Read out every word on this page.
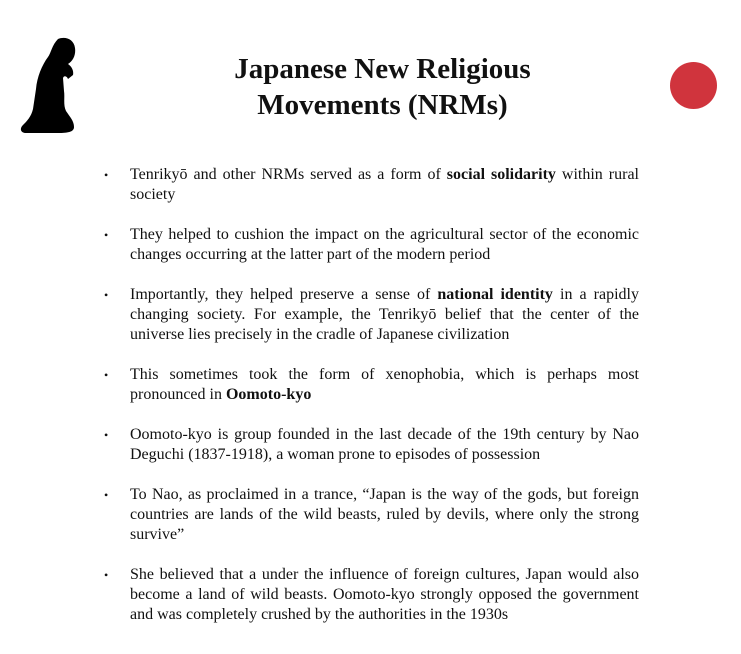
Japanese New Religious
Movements (NRMs)
• Tenrikyō and other NRMs served as a form of social solidarity within rural society
• They helped to cushion the impact on the agricultural sector of the economic changes occurring at the latter part of the modern period
• Importantly, they helped preserve a sense of national identity in a rapidly changing society. For example, the Tenrikyō belief that the center of the universe lies precisely in the cradle of Japanese civilization
• This sometimes took the form of xenophobia, which is perhaps most pronounced in Oomoto-kyo
• Oomoto-kyo is group founded in the last decade of the 19th century by Nao Deguchi (1837-1918), a woman prone to episodes of possession
• To Nao, as proclaimed in a trance, “Japan is the way of the gods, but foreign countries are lands of the wild beasts, ruled by devils, where only the strong survive”
• She believed that a under the influence of foreign cultures, Japan would also become a land of wild beasts. Oomoto-kyo strongly opposed the government and was completely crushed by the authorities in the 1930s
